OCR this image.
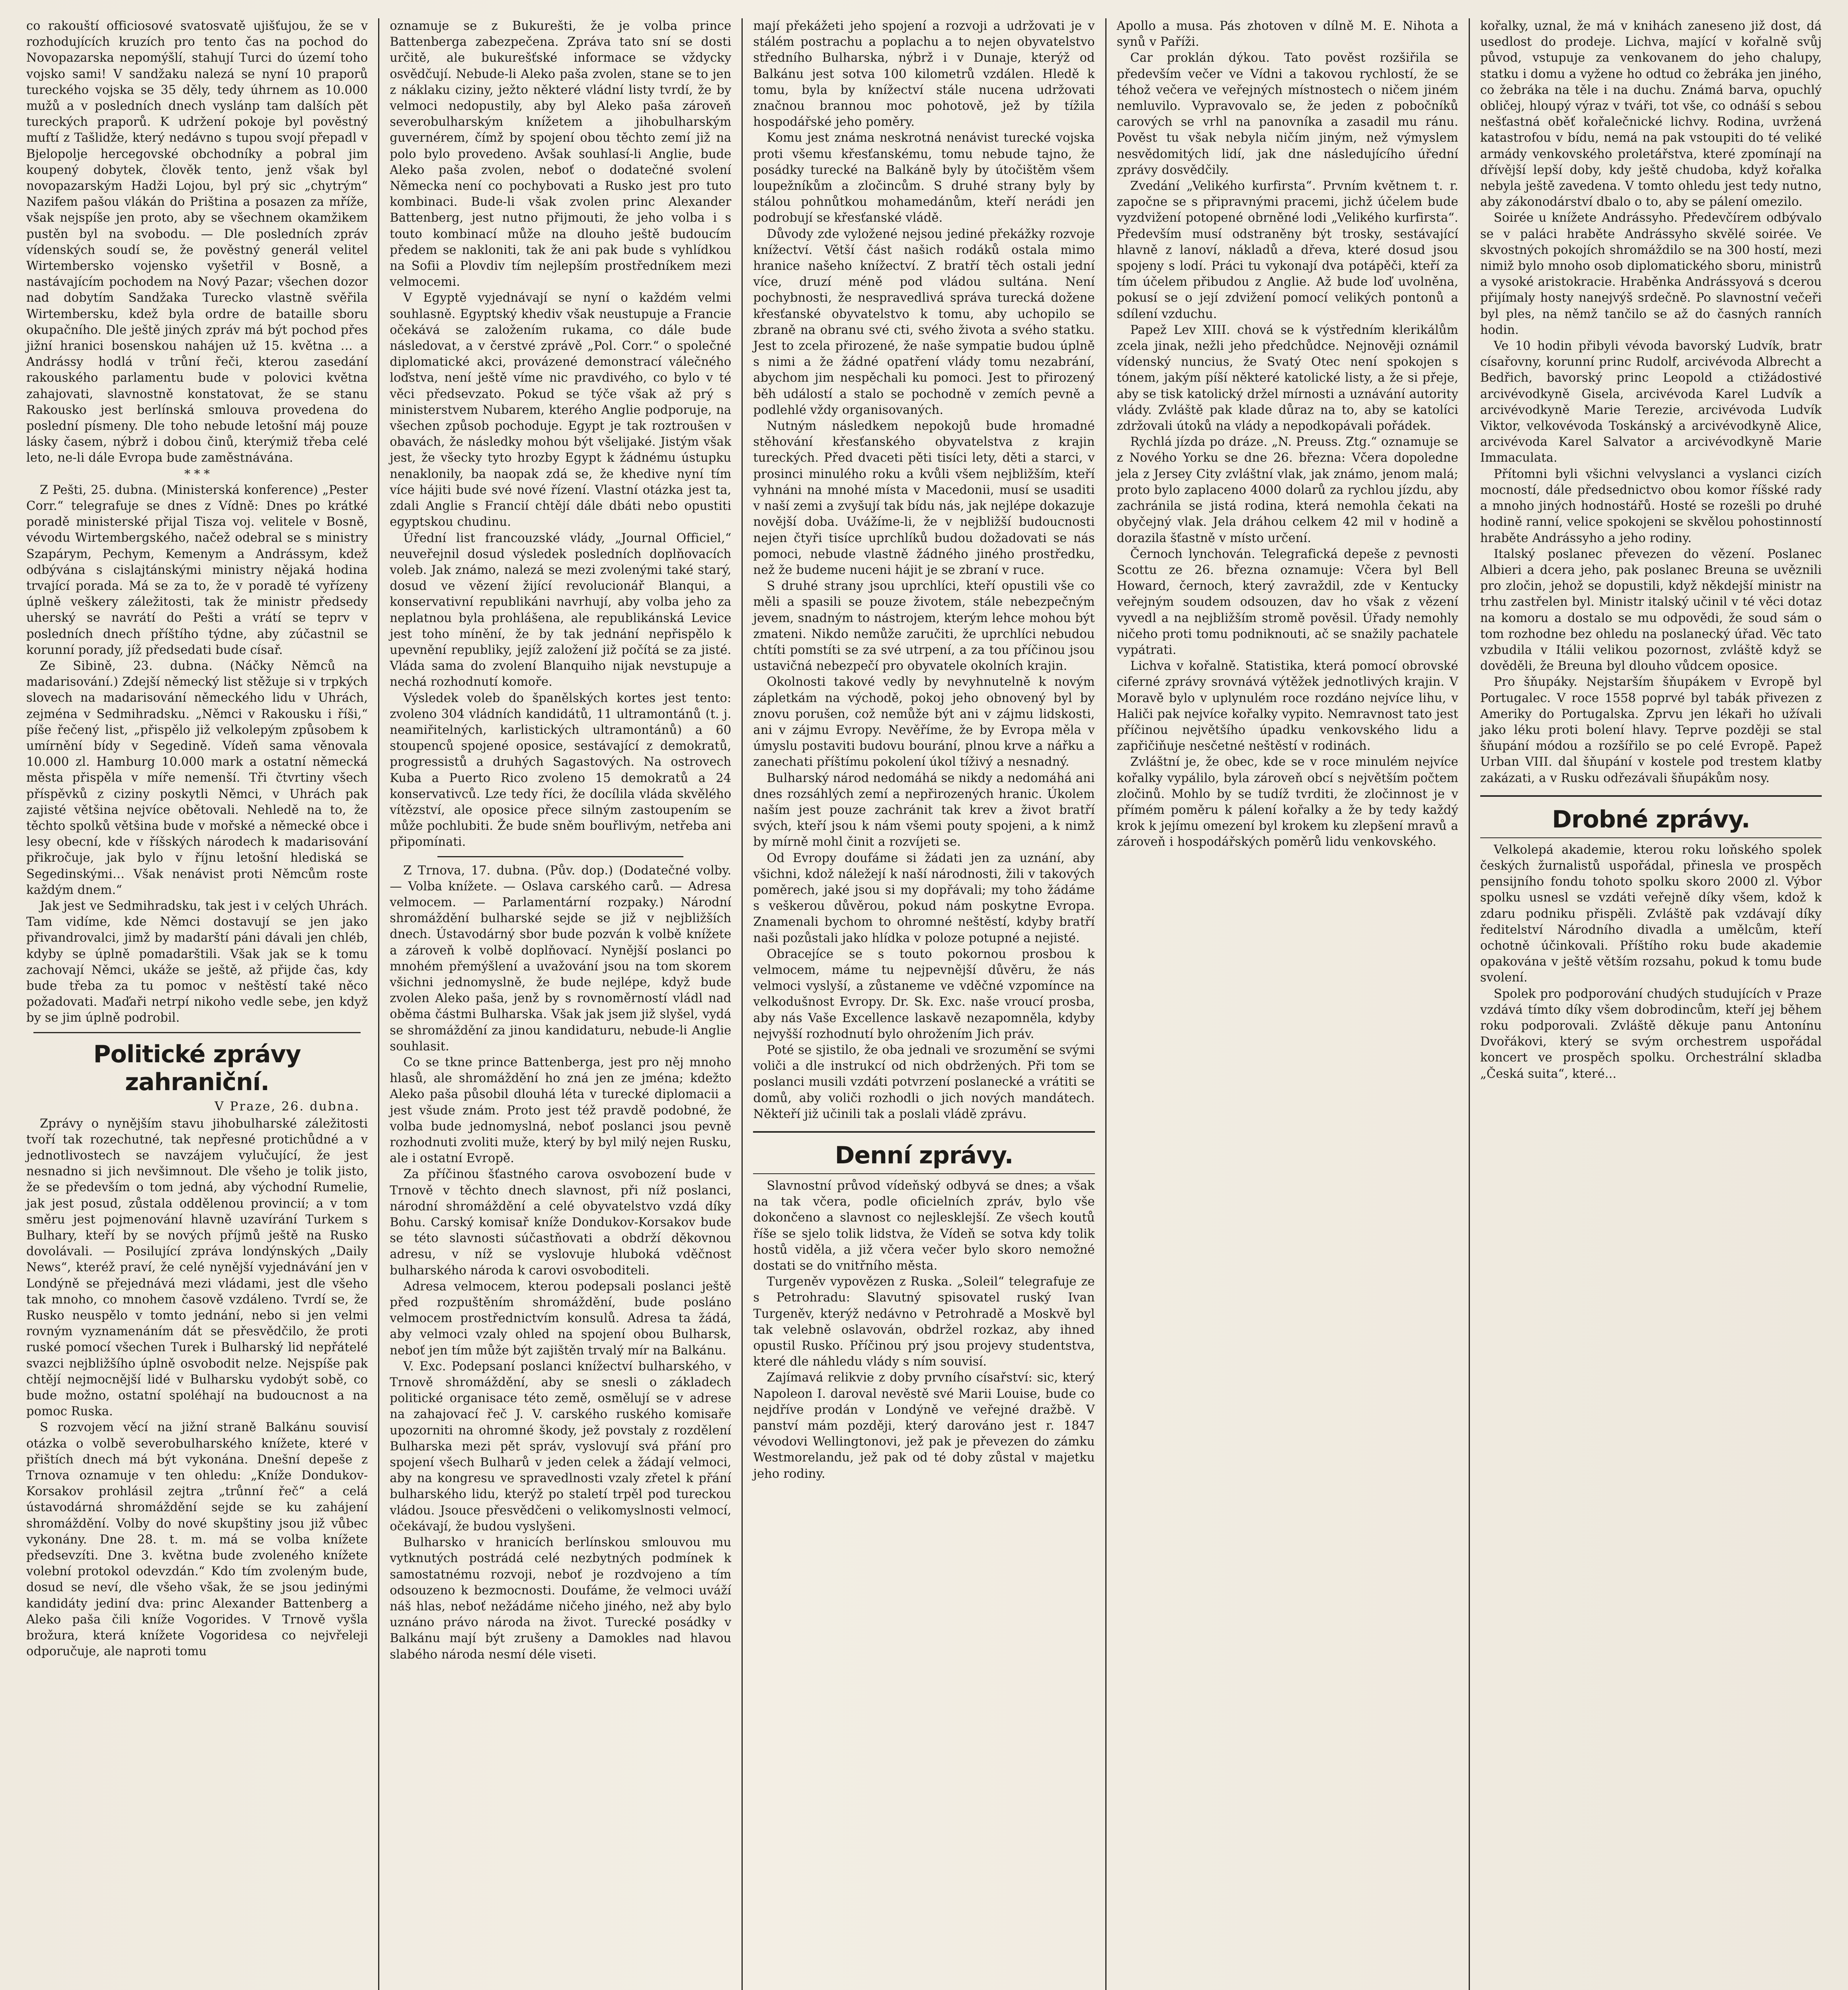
co rakouští officiosové svatosvatě ujišťujou, že se v rozhodujících kruzích pro tento čas na pochod do Novopazarska nepomýšlí, stahují Turci do území toho vojsko sami! V sandžaku nalezá se nyní 10 praporů tureckého vojska se 35 děly, tedy úhrnem as 10.000 mužů a v posledních dnech vyslánp tam dalších pět tureckých praporů. K udržení pokoje byl pověstný muftí z Tašlidže, který nedávno s tupou svojí přepadl v Bjelopolje hercegovské obchodníky a pobral jim koupený dobytek, člověk tento, jenž však byl novopazarským Hadži Lojou, byl prý sic „chytrým“ Nazifem pašou vlákán do Priština a posazen za mříže, však nejspíše jen proto, aby se všechnem okamžikem pustěn byl na svobodu. — Dle posledních zpráv vídenských soudí se, že pověstný generál velitel Wirtembersko vojensko vyšetřil v Bosně, a nastávajícím pochodem na Nový Pazar; všechen dozor nad dobytím Sandžaka Turecko vlastně svěřila Wirtembersku, kdež byla ordre de bataille sboru okupačního. Dle ještě jiných zpráv má být pochod přes jižní hranici bosenskou nahájen už 15. května … a Andrássy hodlá v trůní řeči, kterou zasedání rakouského parlamentu bude v polovici května zahajovati, slavnostně konstatovat, že se stanu Rakousko jest berlínská smlouva provedena do poslední písmeny. Dle toho nebude letošní máj pouze lásky časem, nýbrž i dobou činů, kterýmiž třeba celé leto, ne-li dále Evropa bude zaměstnávána.

* * *

Z Pešti, 25. dubna. (Ministerská konference) „Pester Corr.“ telegrafuje se dnes z Vídně: Dnes po krátké poradě ministerské přijal Tisza voj. velitele v Bosně, vévodu Wirtembergského, načež odebral se s ministry Szapárym, Pechym, Kemenym a Andrássym, kdež odbývána s cislajtánskými ministry nějaká hodina trvající porada. Má se za to, že v poradě té vyřízeny úplně veškery záležitosti, tak že ministr předsedy uherský se navrátí do Pešti a vrátí se teprv v posledních dnech příštího týdne, aby zúčastnil se korunní porady, jíž předsedati bude císař.

Ze Sibině, 23. dubna. (Náčky Němců na madarisování.) Zdejší německý list stěžuje si v trpkých slovech na madarisování německého lidu v Uhrách, zejména v Sedmihradsku. „Němci v Rakousku i říši,“ píše řečený list, „přispělo již velkolepým způsobem k umírnění bídy v Segedině. Vídeň sama věnovala 10.000 zl. Hamburg 10.000 mark a ostatní německá města přispěla v míře nemenší. Tři čtvrtiny všech příspěvků z ciziny poskytli Němci, v Uhrách pak zajisté většina nejvíce obětovali. Nehledě na to, že těchto spolků většina bude v mořské a německé obce i lesy obecní, kde v říšských národech k madarisování přikročuje, jak bylo v říjnu letošní hlediská se Segedinskými… Však nenávist proti Němcům roste každým dnem.“

Jak jest ve Sedmihradsku, tak jest i v celých Uhrách. Tam vidíme, kde Němci dostavují se jen jako přivandrovalci, jimž by madarští páni dávali jen chléb, kdyby se úplně pomadarštili. Však jak se k tomu zachovají Němci, ukáže se ještě, až přijde čas, kdy bude třeba za tu pomoc v neštěstí také něco požadovati. Maďaři netrpí nikoho vedle sebe, jen když by se jim úplně podrobil.

Politické zprávy zahraniční.
V Praze, 26. dubna.

Zprávy o nynějším stavu jihobulharské záležitosti tvoří tak rozechutné, tak nepřesné protichůdné a v jednotlivostech se navzájem vylučující, že jest nesnadno si jich nevšimnout. Dle všeho je tolik jisto, že se především o tom jedná, aby východní Rumelie, jak jest posud, zůstala oddělenou provincií; a v tom směru jest pojmenování hlavně uzavírání Turkem s Bulhary, kteří by se nových příjmů ještě na Rusko dovolávali. — Posilující zpráva londýnských „Daily News“, kteréž praví, že celé nynější vyjednávání jen v Londýně se přejednává mezi vládami, jest dle všeho tak mnoho, co mnohem časově vzdáleno. Tvrdí se, že Rusko neuspělo v tomto jednání, nebo si jen velmi rovným vyznamenáním dát se přesvědčilo, že proti ruské pomocí všechen Turek i Bulharský lid nepřátelé svazci nejbližšího úplně osvobodit nelze. Nejspíše pak chtějí nejmocnější lidé v Bulharsku vydobýt sobě, co bude možno, ostatní spoléhají na budoucnost a na pomoc Ruska.

S rozvojem věcí na jižní straně Balkánu souvisí otázka o volbě severobulharského knížete, které v přištích dnech má být vykonána. Dnešní depeše z Trnova oznamuje v ten ohledu: „Kníže Dondukov-Korsakov prohlásil zejtra „trůnní řeč“ a celá ústavodárná shromáždění sejde se ku zahájení shromáždění. Volby do nové skupštiny jsou již vůbec vykonány. Dne 28. t. m. má se volba knížete předsevzíti. Dne 3. května bude zvoleného knížete volební protokol odevzdán.“ Kdo tím zvoleným bude, dosud se neví, dle všeho však, že se jsou jedinými kandidáty jediní dva: princ Alexander Battenberg a Aleko paša čili kníže Vogorides. V Trnově vyšla brožura, která knížete Vogoridesa co nejvřeleji odporučuje, ale naproti tomu

oznamuje se z Bukurešti, že je volba prince Battenberga zabezpečena. Zpráva tato sní se dosti určitě, ale bukurešťské informace se vždycky osvědčují. Nebude-li Aleko paša zvolen, stane se to jen z náklaku ciziny, ježto některé vládní listy tvrdí, že by velmoci nedopustily, aby byl Aleko paša zároveň severobulharským knížetem a jihobulharským guvernérem, čímž by spojení obou těchto zemí již na polo bylo provedeno. Avšak souhlasí-li Anglie, bude Aleko paša zvolen, neboť o dodatečné svolení Německa není co pochybovati a Rusko jest pro tuto kombinaci. Bude-li však zvolen princ Alexander Battenberg, jest nutno přijmouti, že jeho volba i s touto kombinací může na dlouho ještě budoucím předem se nakloniti, tak že ani pak bude s vyhlídkou na Sofii a Plovdiv tím nejlepším prostředníkem mezi velmocemi.

V Egyptě vyjednávají se nyní o každém velmi souhlasně. Egyptský khediv však neustupuje a Francie očekává se založením rukama, co dále bude následovat, a v čerstvé zprávě „Pol. Corr.“ o společné diplomatické akci, provázené demonstrací válečného loďstva, není ještě víme nic pravdivého, co bylo v té věci předsevzato. Pokud se týče však až prý s ministerstvem Nubarem, kterého Anglie podporuje, na všechen způsob pochoduje. Egypt je tak roztroušen v obavách, že následky mohou být všelijaké. Jistým však jest, že všecky tyto hrozby Egypt k žádnému ústupku nenaklonily, ba naopak zdá se, že khedive nyní tím více hájiti bude své nové řízení. Vlastní otázka jest ta, zdali Anglie s Francií chtějí dále dbáti nebo opustiti egyptskou chudinu.

Úřední list francouzské vlády, „Journal Officiel,“ neuveřejnil dosud výsledek posledních doplňovacích voleb. Jak známo, nalezá se mezi zvolenými také starý, dosud ve vězení žijící revolucionář Blanqui, a konservativní republikáni navrhují, aby volba jeho za neplatnou byla prohlášena, ale republikánská Levice jest toho mínění, že by tak jednání nepřispělo k upevnění republiky, jejíž založení již počítá se za jisté. Vláda sama do zvolení Blanquiho nijak nevstupuje a nechá rozhodnutí komoře.

Výsledek voleb do španělských kortes jest tento: zvoleno 304 vládních kandidátů, 11 ultramontánů (t. j. neamiřitelných, karlistických ultramontánů) a 60 stoupenců spojené oposice, sestávající z demokratů, progressistů a druhých Sagastových. Na ostrovech Kuba a Puerto Rico zvoleno 15 demokratů a 24 konservativců. Lze tedy říci, že docílila vláda skvělého vítězství, ale oposice přece silným zastoupením se může pochlubiti. Že bude sněm bouřlivým, netřeba ani připomínati.

Z Trnova, 17. dubna. (Pův. dop.) (Dodatečné volby. — Volba knížete. — Oslava carského carů. — Adresa velmocem. — Parlamentární rozpaky.) Národní shromáždění bulharské sejde se již v nejbližších dnech. Ústavodárný sbor bude pozván k volbě knížete a zároveň k volbě doplňovací. Nynější poslanci po mnohém přemýšlení a uvažování jsou na tom skorem všichni jednomyslně, že bude nejlépe, když bude zvolen Aleko paša, jenž by s rovnoměrností vládl nad oběma částmi Bulharska. Však jak jsem již slyšel, vydá se shromáždění za jinou kandidaturu, nebude-li Anglie souhlasit.

Co se tkne prince Battenberga, jest pro něj mnoho hlasů, ale shromáždění ho zná jen ze jména; kdežto Aleko paša působil dlouhá léta v turecké diplomacii a jest všude znám. Proto jest též pravdě podobné, že volba bude jednomyslná, neboť poslanci jsou pevně rozhodnuti zvoliti muže, který by byl milý nejen Rusku, ale i ostatní Evropě.

Za příčinou šťastného carova osvobození bude v Trnově v těchto dnech slavnost, při níž poslanci, národní shromáždění a celé obyvatelstvo vzdá díky Bohu. Carský komisař kníže Dondukov-Korsakov bude se této slavnosti súčastňovati a obdrží děkovnou adresu, v níž se vyslovuje hluboká vděčnost bulharského národa k carovi osvoboditeli.

Adresa velmocem, kterou podepsali poslanci ještě před rozpuštěním shromáždění, bude posláno velmocem prostřednictvím konsulů. Adresa ta žádá, aby velmoci vzaly ohled na spojení obou Bulharsk, neboť jen tím může být zajištěn trvalý mír na Balkánu.

V. Exc. Podepsaní poslanci knížectví bulharského, v Trnově shromáždění, aby se snesli o základech politické organisace této země, osmělují se v adrese na zahajovací řeč J. V. carského ruského komisaře upozorniti na ohromné škody, jež povstaly z rozdělení Bulharska mezi pět správ, vyslovují svá přání pro spojení všech Bulharů v jeden celek a žádají velmoci, aby na kongresu ve spravedlnosti vzaly zřetel k přání bulharského lidu, kterýž po staletí trpěl pod tureckou vládou. Jsouce přesvědčeni o velikomyslnosti velmocí, očekávají, že budou vyslyšeni.

Bulharsko v hranicích berlínskou smlouvou mu vytknutých postrádá celé nezbytných podmínek k samostatnému rozvoji, neboť je rozdvojeno a tím odsouzeno k bezmocnosti. Doufáme, že velmoci uváží náš hlas, neboť nežádáme ničeho jiného, než aby bylo uznáno právo národa na život. Turecké posádky v Balkánu mají být zrušeny a Damokles nad hlavou slabého národa nesmí déle viseti.

mají překážeti jeho spojení a rozvoji a udržovati je v stálém postrachu a poplachu a to nejen obyvatelstvo středního Bulharska, nýbrž i v Dunaje, kterýž od Balkánu jest sotva 100 kilometrů vzdálen. Hledě k tomu, byla by knížectví stále nucena udržovati značnou brannou moc pohotově, jež by tížila hospodářské jeho poměry.

Komu jest známa neskrotná nenávist turecké vojska proti všemu křesťanskému, tomu nebude tajno, že posádky turecké na Balkáně byly by útočištěm všem loupežníkům a zločincům. S druhé strany byly by stálou pohnůtkou mohamedánům, kteří nerádi jen podrobují se křesťanské vládě.

Důvody zde vyložené nejsou jediné překážky rozvoje knížectví. Větší část našich rodáků ostala mimo hranice našeho knížectví. Z bratří těch ostali jední více, druzí méně pod vládou sultána. Není pochybnosti, že nespravedlivá správa turecká dožene křesťanské obyvatelstvo k tomu, aby uchopilo se zbraně na obranu své cti, svého života a svého statku. Jest to zcela přirozené, že naše sympatie budou úplně s nimi a že žádné opatření vlády tomu nezabrání, abychom jim nespěchali ku pomoci. Jest to přirozený běh událostí a stalo se pochodně v zemích pevně a podlehlé vždy organisovaných.

Nutným následkem nepokojů bude hromadné stěhování křesťanského obyvatelstva z krajin tureckých. Před dvaceti pěti tisíci lety, děti a starci, v prosinci minulého roku a kvůli všem nejbližším, kteří vyhnáni na mnohé místa v Macedonii, musí se usaditi v naší zemi a zvyšují tak bídu nás, jak nejlépe dokazuje novější doba. Uvážíme-li, že v nejbližší budoucnosti nejen čtyři tisíce uprchlíků budou dožadovati se nás pomoci, nebude vlastně žádného jiného prostředku, než že budeme nuceni hájit je se zbraní v ruce.

S druhé strany jsou uprchlíci, kteří opustili vše co měli a spasili se pouze životem, stále nebezpečným jevem, snadným to nástrojem, kterým lehce mohou být zmateni. Nikdo nemůže zaručiti, že uprchlíci nebudou chtíti pomstíti se za své utrpení, a za tou příčinou jsou ustavičná nebezpečí pro obyvatele okolních krajin.

Okolnosti takové vedly by nevyhnutelně k novým zápletkám na východě, pokoj jeho obnovený byl by znovu porušen, což nemůže být ani v zájmu lidskosti, ani v zájmu Evropy. Nevěříme, že by Evropa měla v úmyslu postaviti budovu bourání, plnou krve a nářku a zanechati příštímu pokolení úkol tíživý a nesnadný.

Bulharský národ nedomáhá se nikdy a nedomáhá ani dnes rozsáhlých zemí a nepřirozených hranic. Úkolem naším jest pouze zachránit tak krev a život bratří svých, kteří jsou k nám všemi pouty spojeni, a k nimž by mírně mohl činit a rozvíjeti se.

Od Evropy doufáme si žádati jen za uznání, aby všichni, kdož náležejí k naší národnosti, žili v takových poměrech, jaké jsou si my dopřávali; my toho žádáme s veškerou důvěrou, pokud nám poskytne Evropa. Znamenali bychom to ohromné neštěstí, kdyby bratří naši pozůstali jako hlídka v poloze potupné a nejisté.

Obracejíce se s touto pokornou prosbou k velmocem, máme tu nejpevnější důvěru, že nás velmoci vyslyší, a zůstaneme ve vděčné vzpomínce na velkodušnost Evropy. Dr. Sk. Exc. naše vroucí prosba, aby nás Vaše Excellence laskavě nezapomněla, kdyby nejvyšší rozhodnutí bylo ohrožením Jich práv.

Poté se sjistilo, že oba jednali ve srozumění se svými voliči a dle instrukcí od nich obdržených. Při tom se poslanci musili vzdáti potvrzení poslanecké a vrátiti se domů, aby voliči rozhodli o jich nových mandátech. Někteří již učinili tak a poslali vládě zprávu.

Denní zprávy.

Slavnostní průvod vídeňský odbyvá se dnes; a však na tak včera, podle oficielních zpráv, bylo vše dokončeno a slavnost co nejlesklejší. Ze všech koutů říše se sjelo tolik lidstva, že Vídeň se sotva kdy tolik hostů viděla, a již včera večer bylo skoro nemožné dostati se do vnitřního města.

Turgeněv vypovězen z Ruska. „Soleil“ telegrafuje ze s Petrohradu: Slavutný spisovatel ruský Ivan Turgeněv, kterýž nedávno v Petrohradě a Moskvě byl tak velebně oslavován, obdržel rozkaz, aby ihned opustil Rusko. Příčinou prý jsou projevy studentstva, které dle náhledu vlády s ním souvisí.

Zajímavá relikvie z doby prvního císařství: sic, který Napoleon I. daroval nevěstě své Marii Louise, bude co nejdříve prodán v Londýně ve veřejné dražbě. V panství mám později, který darováno jest r. 1847 vévodovi Wellingtonovi, jež pak je převezen do zámku Westmorelandu, jež pak od té doby zůstal v majetku jeho rodiny.

Apollo a musa. Pás zhotoven v dílně M. E. Nihota a synů v Paříži.

Car proklán dýkou. Tato pověst rozšiřila se především večer ve Vídni a takovou rychlostí, že se téhož večera ve veřejných místnostech o ničem jiném nemluvilo. Vypravovalo se, že jeden z pobočníků carových se vrhl na panovníka a zasadil mu ránu. Pověst tu však nebyla ničím jiným, než výmyslem nesvědomitých lidí, jak dne následujícího úřední zprávy dosvědčily.

Zvedání „Velikého kurfirsta“. Prvním květnem t. r. započne se s připravnými pracemi, jichž účelem bude vyzdvižení potopené obrněné lodi „Velikého kurfirsta“. Především musí odstraněny být trosky, sestávající hlavně z lanoví, nákladů a dřeva, které dosud jsou spojeny s lodí. Práci tu vykonají dva potápěči, kteří za tím účelem přibudou z Anglie. Až bude loď uvolněna, pokusí se o její zdvižení pomocí velikých pontonů a sdílení vzduchu.

Papež Lev XIII. chová se k výstředním klerikálům zcela jinak, nežli jeho předchůdce. Nejnověji oznámil vídenský nuncius, že Svatý Otec není spokojen s tónem, jakým píší některé katolické listy, a že si přeje, aby se tisk katolický držel mírnosti a uznávání autority vlády. Zvláště pak klade důraz na to, aby se katolíci zdržovali útoků na vlády a nepodkopávali pořádek.

Rychlá jízda po dráze. „N. Preuss. Ztg.“ oznamuje se z Nového Yorku se dne 26. března: Včera dopoledne jela z Jersey City zvláštní vlak, jak známo, jenom malá; proto bylo zaplaceno 4000 dolarů za rychlou jízdu, aby zachránila se jistá rodina, která nemohla čekati na obyčejný vlak. Jela dráhou celkem 42 mil v hodině a dorazila šťastně v místo určení.

Černoch lynchován. Telegrafická depeše z pevnosti Scottu ze 26. března oznamuje: Včera byl Bell Howard, černoch, který zavraždil, zde v Kentucky veřejným soudem odsouzen, dav ho však z vězení vyvedl a na nejbližším stromě pověsil. Úřady nemohly ničeho proti tomu podniknouti, ač se snažily pachatele vypátrati.

Lichva v kořalně. Statistika, která pomocí obrovské ciferné zprávy srovnává výtěžek jednotlivých krajin. V Moravě bylo v uplynulém roce rozdáno nejvíce lihu, v Haliči pak nejvíce kořalky vypito. Nemravnost tato jest příčinou největšího úpadku venkovského lidu a zapřičiňuje nesčetné neštěstí v rodinách.

Zvláštní je, že obec, kde se v roce minulém nejvíce kořalky vypálilo, byla zároveň obcí s největším počtem zločinů. Mohlo by se tudíž tvrditi, že zločinnost je v přímém poměru k pálení kořalky a že by tedy každý krok k jejímu omezení byl krokem ku zlepšení mravů a zároveň i hospodářských poměrů lidu venkovského.

kořalky, uznal, že má v knihách zaneseno již dost, dá usedlost do prodeje. Lichva, mající v kořalně svůj původ, vstupuje za venkovanem do jeho chalupy, statku i domu a vyžene ho odtud co žebráka jen jiného, co žebráka na těle i na duchu. Známá barva, opuchlý obličej, hloupý výraz v tváři, tot vše, co odnáší s sebou nešťastná oběť kořalečnické lichvy. Rodina, uvržená katastrofou v bídu, nemá na pak vstoupiti do té veliké armády venkovského proletářstva, které zpomínají na dřívější lepší doby, kdy ještě chudoba, když kořalka nebyla ještě zavedena. V tomto ohledu jest tedy nutno, aby zákonodárství dbalo o to, aby se pálení omezilo.

Soirée u knížete Andrássyho. Předevčírem odbývalo se v paláci hraběte Andrássyho skvělé soirée. Ve skvostných pokojích shromáždilo se na 300 hostí, mezi nimiž bylo mnoho osob diplomatického sboru, ministrů a vysoké aristokracie. Hraběnka Andrássyová s dcerou přijímaly hosty nanejvýš srdečně. Po slavnostní večeři byl ples, na němž tančilo se až do časných ranních hodin.

Ve 10 hodin přibyli vévoda bavorský Ludvík, bratr císařovny, korunní princ Rudolf, arcivévoda Albrecht a Bedřich, bavorský princ Leopold a ctižádostivé arcivévodkyně Gisela, arcivévoda Karel Ludvík a arcivévodkyně Marie Terezie, arcivévoda Ludvík Viktor, velkovévoda Toskánský a arcivévodkyně Alice, arcivévoda Karel Salvator a arcivévodkyně Marie Immaculata.

Přítomni byli všichni velvyslanci a vyslanci cizích mocností, dále předsednictvo obou komor říšské rady a mnoho jiných hodnostářů. Hosté se rozešli po druhé hodině ranní, velice spokojeni se skvělou pohostinností hraběte Andrássyho a jeho rodiny.

Italský poslanec převezen do vězení. Poslanec Albieri a dcera jeho, pak poslanec Breuna se uvěznili pro zločin, jehož se dopustili, když někdejší ministr na trhu zastřelen byl. Ministr italský učinil v té věci dotaz na komoru a dostalo se mu odpovědi, že soud sám o tom rozhodne bez ohledu na poslanecký úřad. Věc tato vzbudila v Itálii velikou pozornost, zvláště když se dověděli, že Breuna byl dlouho vůdcem oposice.

Pro šňupáky. Nejstarším šňupákem v Evropě byl Portugalec. V roce 1558 poprvé byl tabák přivezen z Ameriky do Portugalska. Zprvu jen lékaři ho užívali jako léku proti bolení hlavy. Teprve později se stal šňupání módou a rozšířilo se po celé Evropě. Papež Urban VIII. dal šňupání v kostele pod trestem klatby zakázati, a v Rusku odřezávali šňupákům nosy.

Drobné zprávy.

Velkolepá akademie, kterou roku loňského spolek českých žurnalistů uspořádal, přinesla ve prospěch pensijního fondu tohoto spolku skoro 2000 zl. Výbor spolku usnesl se vzdáti veřejně díky všem, kdož k zdaru podniku přispěli. Zvláště pak vzdávají díky ředitelství Národního divadla a umělcům, kteří ochotně účinkovali. Příštího roku bude akademie opakována v ještě větším rozsahu, pokud k tomu bude svolení.

Spolek pro podporování chudých studujících v Praze vzdává tímto díky všem dobrodincům, kteří jej během roku podporovali. Zvláště děkuje panu Antonínu Dvořákovi, který se svým orchestrem uspořádal koncert ve prospěch spolku. Orchestrální skladba „Česká suita“, které...
